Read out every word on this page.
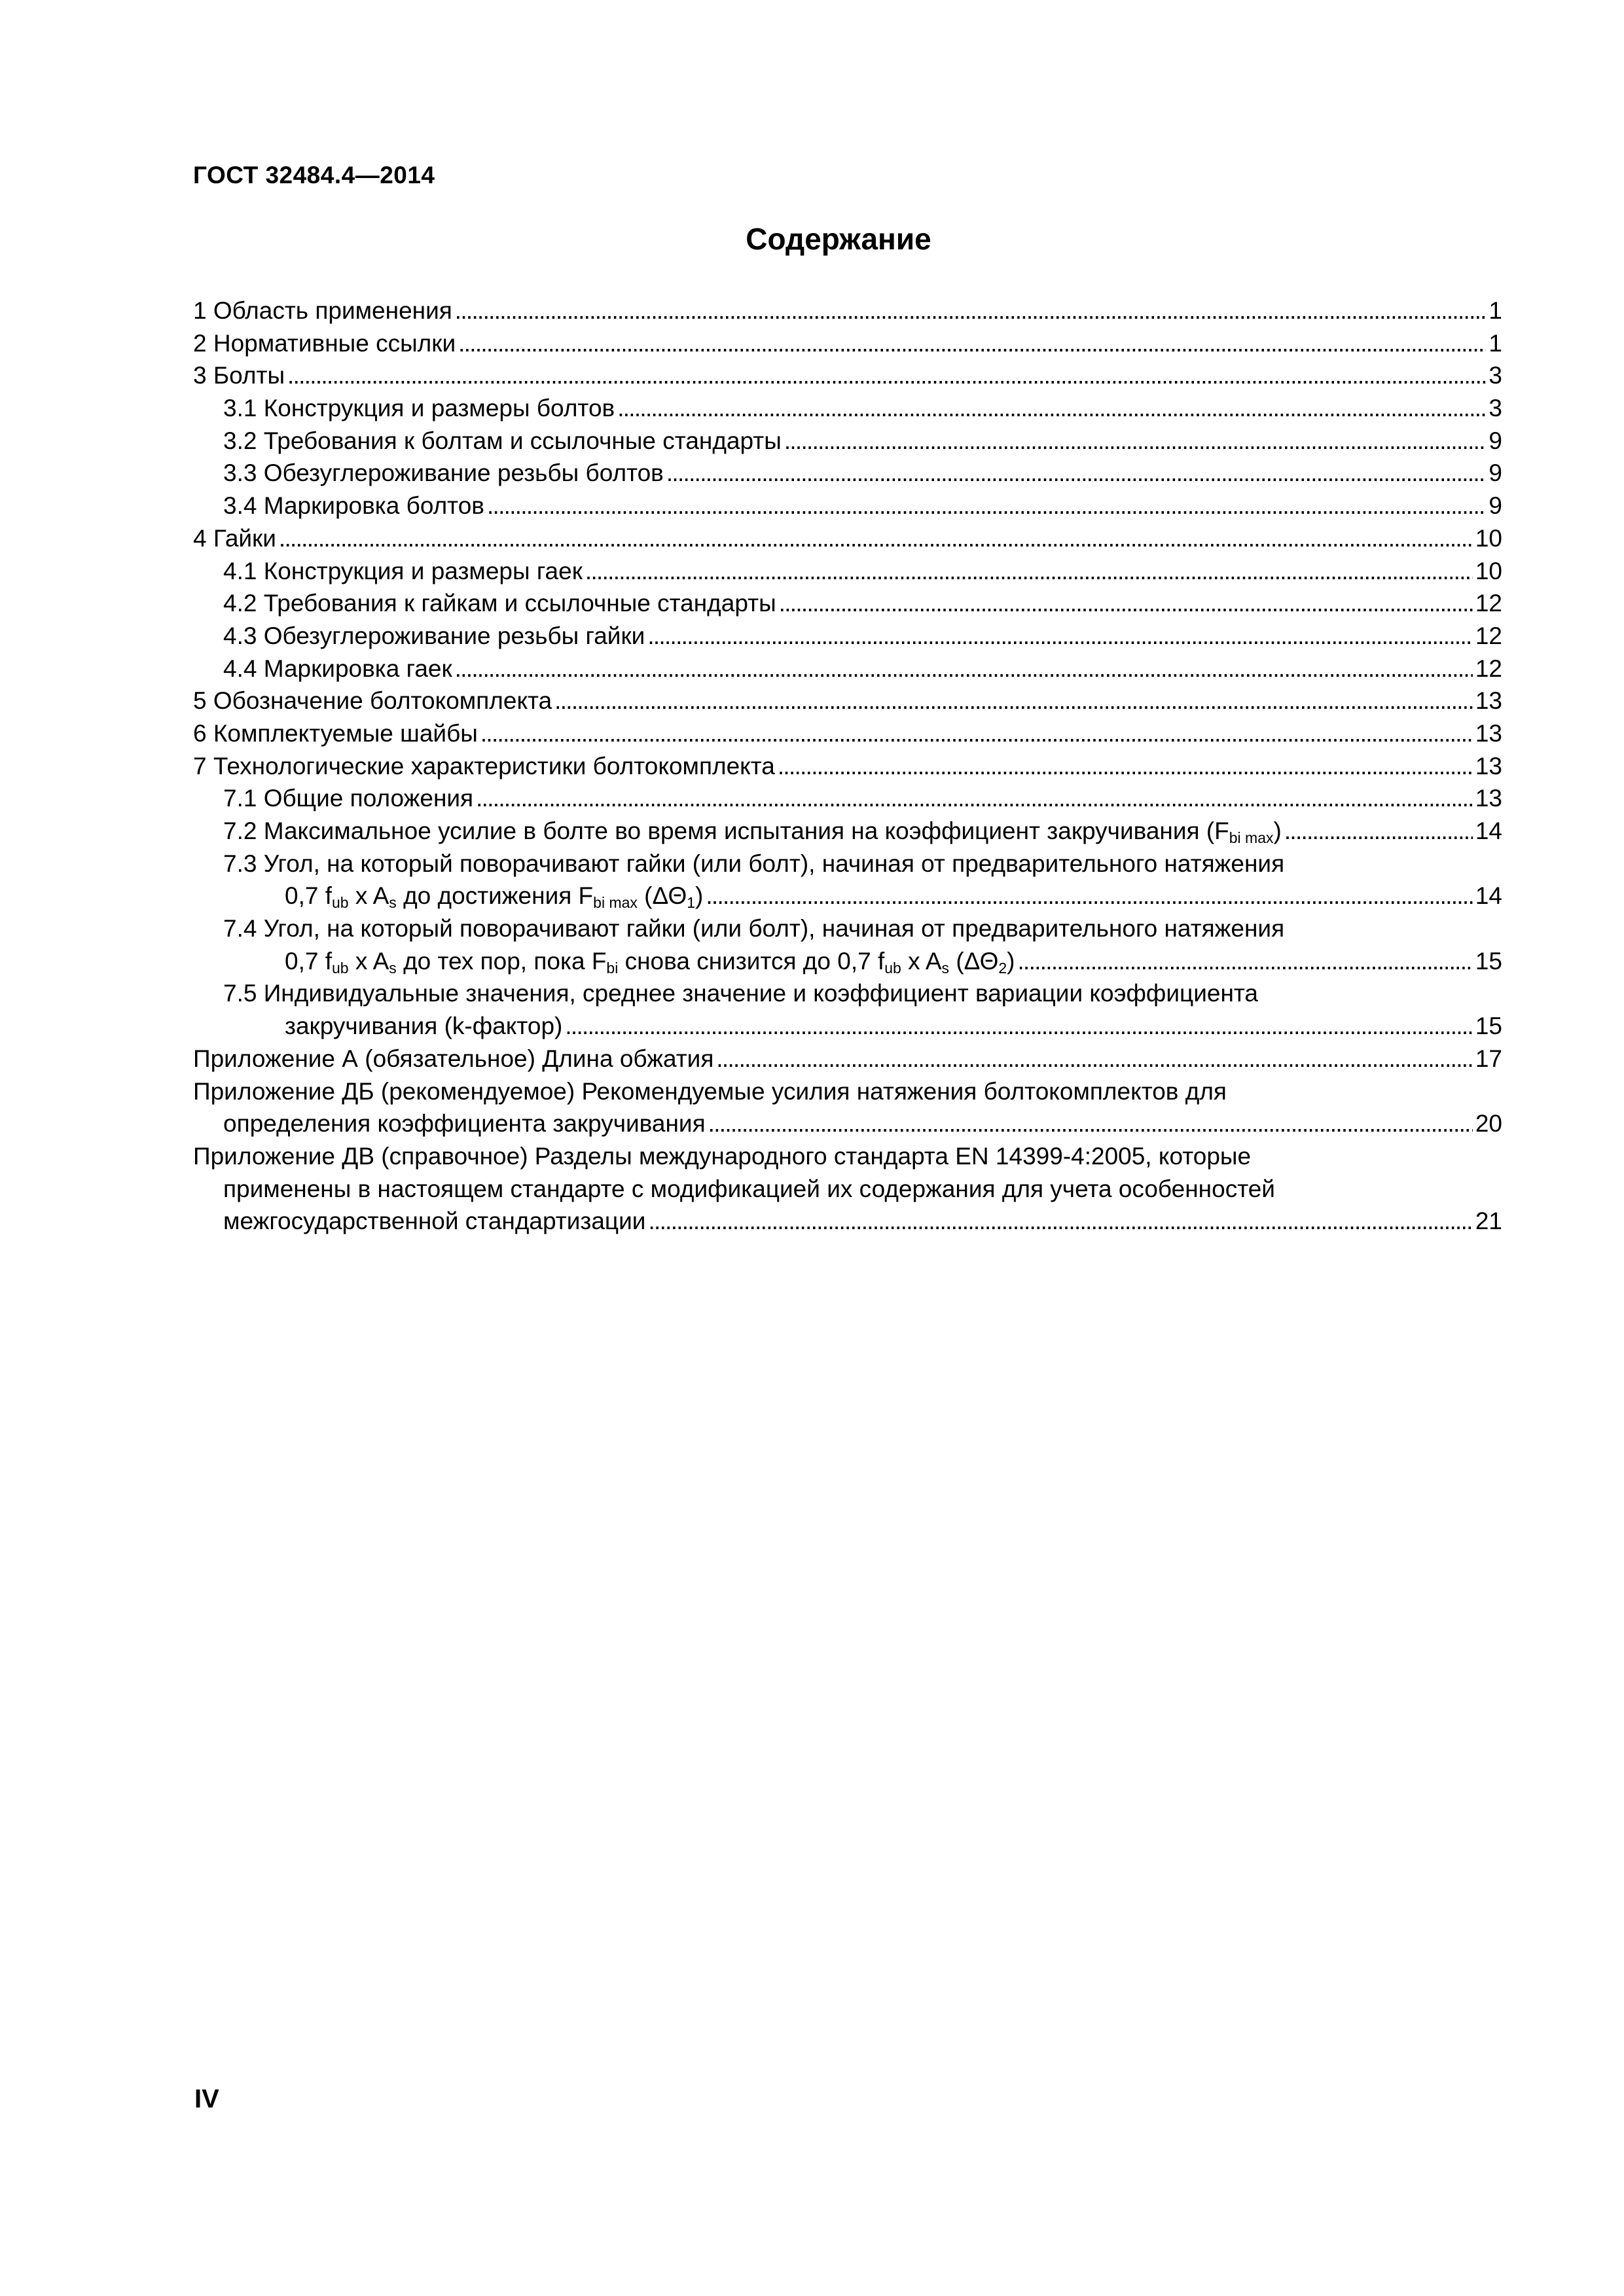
ГОСТ 32484.4—2014
Содержание
1 Область применения . . .	1
2 Нормативные ссылки . . .	1
3 Болты . . .	3
3.1 Конструкция и размеры болтов . . .	3
3.2 Требования к болтам и ссылочные стандарты . . .	9
3.3 Обезуглероживание резьбы болтов . . .	9
3.4 Маркировка болтов . . .	9
4 Гайки . . .	10
4.1 Конструкция и размеры гаек . . .	10
4.2 Требования к гайкам и ссылочные стандарты . . .	12
4.3 Обезуглероживание резьбы гайки . . .	12
4.4 Маркировка гаек . . .	12
5 Обозначение болтокомплекта . . .	13
6 Комплектуемые шайбы . . .	13
7 Технологические характеристики болтокомплекта . . .	13
7.1 Общие положения . . .	13
7.2 Максимальное усилие в болте во время испытания на коэффициент закручивания $(F_{bi max})$ . . .	14
7.3 Угол, на который поворачивают гайки (или болт), начиная от предварительного натяжения
0,7 $f_{ub}$ x $A_s$ до достижения $F_{bi max}$ $(\Delta\Theta_1)$ . . .	14
7.4 Угол, на который поворачивают гайки (или болт), начиная от предварительного натяжения
0,7 $f_{ub}$ x $A_s$ до тех пор, пока $F_{bi}$ снова снизится до 0,7 $f_{ub}$ x $A_s$ $(\Delta\Theta_2)$ . . .	15
7.5 Индивидуальные значения, среднее значение и коэффициент вариации коэффициента
закручивания (k-фактор) . . .	15
Приложение А (обязательное) Длина обжатия . . .	17
Приложение ДБ (рекомендуемое) Рекомендуемые усилия натяжения болтокомплектов для
определения коэффициента закручивания . . .	20
Приложение ДВ (справочное) Разделы международного стандарта EN 14399-4:2005, которые
применены в настоящем стандарте с модификацией их содержания для учета особенностей
межгосударственной стандартизации . . .	21
IV
